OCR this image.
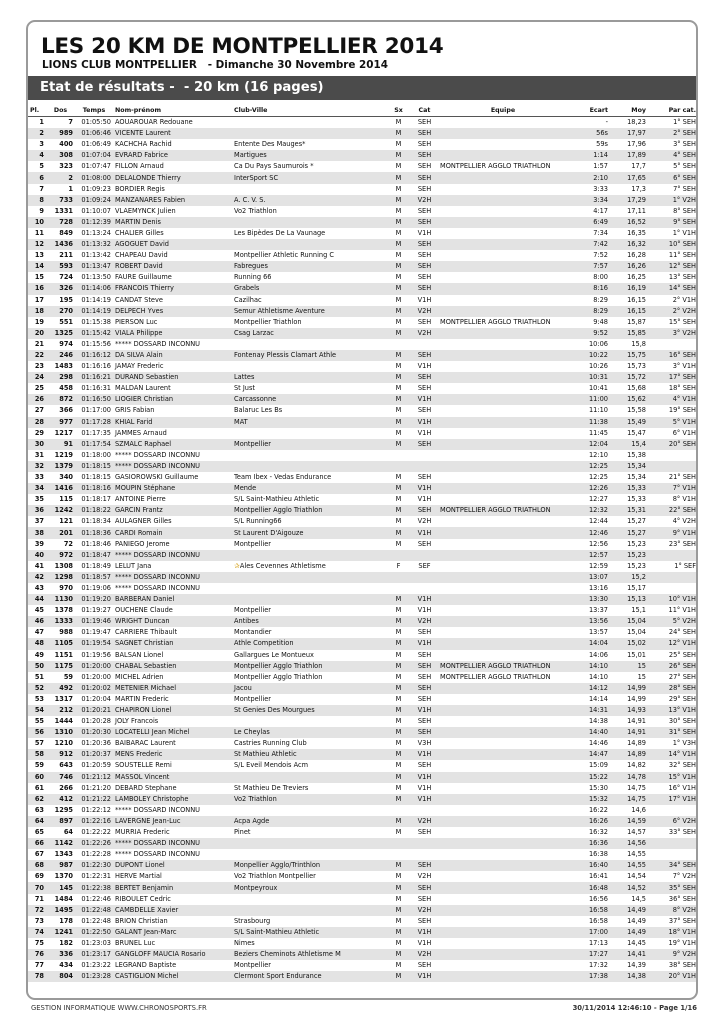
LES 20 KM DE MONTPELLIER 2014
LIONS CLUB MONTPELLIER   - Dimanche 30 Novembre 2014
Etat de résultats -  - 20 km (16 pages)
Pl.	Dos	Temps	Nom-prénom	Club-Ville	Sx	Cat	Equipe	Ecart	Moy	Par cat.
1	7	01:05:50	AOUAROUAR Redouane		M	SEH		-	18,23	1° SEH
2	989	01:06:46	VICENTE Laurent		M	SEH		56s	17,97	2° SEH
3	400	01:06:49	KACHCHA Rachid	Entente Des Mauges*	M	SEH		59s	17,96	3° SEH
4	308	01:07:04	EVRARD Fabrice	Martigues	M	SEH		1:14	17,89	4° SEH
5	323	01:07:47	FILLON Arnaud	Ca Du Pays Saumurois *	M	SEH	MONTPELLIER AGGLO TRIATHLON	1:57	17,7	5° SEH
6	2	01:08:00	DELALONDE Thierry	InterSport SC	M	SEH		2:10	17,65	6° SEH
7	1	01:09:23	BORDIER Regis		M	SEH		3:33	17,3	7° SEH
8	733	01:09:24	MANZANARES Fabien	A. C. V. S.	M	V2H		3:34	17,29	1° V2H
9	1331	01:10:07	VLAEMYNCK Julien	Vo2 Triathlon	M	SEH		4:17	17,11	8° SEH
10	728	01:12:39	MARTIN Denis		M	SEH		6:49	16,52	9° SEH
11	849	01:13:24	CHALIER Gilles	Les Bipèdes De La Vaunage	M	V1H		7:34	16,35	1° V1H
12	1436	01:13:32	AGOGUET David		M	SEH		7:42	16,32	10° SEH
13	211	01:13:42	CHAPEAU David	Montpellier Athletic Running C	M	SEH		7:52	16,28	11° SEH
14	593	01:13:47	ROBERT David	Fabregues	M	SEH		7:57	16,26	12° SEH
15	724	01:13:50	FAURE Guillaume	Running 66	M	SEH		8:00	16,25	13° SEH
16	326	01:14:06	FRANCOIS Thierry	Grabels	M	SEH		8:16	16,19	14° SEH
17	195	01:14:19	CANDAT Steve	Cazilhac	M	V1H		8:29	16,15	2° V1H
18	270	01:14:19	DELPECH Yves	Semur Athletisme Aventure	M	V2H		8:29	16,15	2° V2H
19	551	01:15:38	PIERSON Luc	Montpellier Triathlon	M	SEH	MONTPELLIER AGGLO TRIATHLON	9:48	15,87	15° SEH
20	1325	01:15:42	VIALA Philippe	Csag Larzac	M	V2H		9:52	15,85	3° V2H
21	974	01:15:56	***** DOSSARD INCONNU					10:06	15,8	
22	246	01:16:12	DA SILVA Alain	Fontenay Plessis Clamart Athle	M	SEH		10:22	15,75	16° SEH
23	1483	01:16:16	JAMAY Frederic		M	V1H		10:26	15,73	3° V1H
24	298	01:16:21	DURAND Sebastien	Lattes	M	SEH		10:31	15,72	17° SEH
25	458	01:16:31	MALDAN Laurent	St Just	M	SEH		10:41	15,68	18° SEH
26	872	01:16:50	LIOGIER Christian	Carcassonne	M	V1H		11:00	15,62	4° V1H
27	366	01:17:00	GRIS Fabian	Balaruc Les Bs	M	SEH		11:10	15,58	19° SEH
28	977	01:17:28	KHIAL Farid	MAT	M	V1H		11:38	15,49	5° V1H
29	1217	01:17:35	JAMMES Arnaud		M	V1H		11:45	15,47	6° V1H
30	91	01:17:54	SZMALC Raphael	Montpellier	M	SEH		12:04	15,4	20° SEH
31	1219	01:18:00	***** DOSSARD INCONNU					12:10	15,38	
32	1379	01:18:15	***** DOSSARD INCONNU					12:25	15,34	
33	340	01:18:15	GASIOROWSKI Guillaume	Team Ibex - Vedas Endurance	M	SEH		12:25	15,34	21° SEH
34	1416	01:18:16	MOUPIN Stéphane	Mende	M	V1H		12:26	15,33	7° V1H
35	115	01:18:17	ANTOINE Pierre	S/L Saint-Mathieu Athletic	M	V1H		12:27	15,33	8° V1H
36	1242	01:18:22	GARCIN Frantz	Montpellier Agglo Triathlon	M	SEH	MONTPELLIER AGGLO TRIATHLON	12:32	15,31	22° SEH
37	121	01:18:34	AULAGNER Gilles	S/L Running66	M	V2H		12:44	15,27	4° V2H
38	201	01:18:36	CARDI Romain	St Laurent D'Aigouze	M	V1H		12:46	15,27	9° V1H
39	72	01:18:46	PANIEGO Jerome	Montpellier	M	SEH		12:56	15,23	23° SEH
40	972	01:18:47	***** DOSSARD INCONNU					12:57	15,23	
41	1308	01:18:49	LELUT Jana	✰Ales Cevennes Athletisme	F	SEF		12:59	15,23	1° SEF
42	1298	01:18:57	***** DOSSARD INCONNU					13:07	15,2	
43	970	01:19:06	***** DOSSARD INCONNU					13:16	15,17	
44	1130	01:19:20	BARBERAN Daniel		M	V1H		13:30	15,13	10° V1H
45	1378	01:19:27	OUCHENE Claude	Montpellier	M	V1H		13:37	15,1	11° V1H
46	1333	01:19:46	WRIGHT Duncan	Antibes	M	V2H		13:56	15,04	5° V2H
47	988	01:19:47	CARRIERE Thibault	Montandier	M	SEH		13:57	15,04	24° SEH
48	1105	01:19:54	SAGNET Christian	Athle Competition	M	V1H		14:04	15,02	12° V1H
49	1151	01:19:56	BALSAN Lionel	Gallargues Le Montueux	M	SEH		14:06	15,01	25° SEH
50	1175	01:20:00	CHABAL Sebastien	Montpellier Agglo Triathlon	M	SEH	MONTPELLIER AGGLO TRIATHLON	14:10	15	26° SEH
51	59	01:20:00	MICHEL Adrien	Montpellier Agglo Triathlon	M	SEH	MONTPELLIER AGGLO TRIATHLON	14:10	15	27° SEH
52	492	01:20:02	METENIER Michael	Jacou	M	SEH		14:12	14,99	28° SEH
53	1317	01:20:04	MARTIN Frederic	Montpellier	M	SEH		14:14	14,99	29° SEH
54	212	01:20:21	CHAPIRON Lionel	St Genies Des Mourgues	M	V1H		14:31	14,93	13° V1H
55	1444	01:20:28	JOLY Francois		M	SEH		14:38	14,91	30° SEH
56	1310	01:20:30	LOCATELLI Jean Michel	Le Cheylas	M	SEH		14:40	14,91	31° SEH
57	1210	01:20:36	BAIBARAC Laurent	Castries Running Club	M	V3H		14:46	14,89	1° V3H
58	912	01:20:37	MENS Frederic	St Mathieu Athletic	M	V1H		14:47	14,89	14° V1H
59	643	01:20:59	SOUSTELLE Remi	S/L Eveil Mendois Acm	M	SEH		15:09	14,82	32° SEH
60	746	01:21:12	MASSOL Vincent		M	V1H		15:22	14,78	15° V1H
61	266	01:21:20	DEBARD Stephane	St Mathieu De Treviers	M	V1H		15:30	14,75	16° V1H
62	412	01:21:22	LAMBOLEY Christophe	Vo2 Triathlon	M	V1H		15:32	14,75	17° V1H
63	1295	01:22:12	***** DOSSARD INCONNU					16:22	14,6	
64	897	01:22:16	LAVERGNE Jean-Luc	Acpa Agde	M	V2H		16:26	14,59	6° V2H
65	64	01:22:22	MURRIA Frederic	Pinet	M	SEH		16:32	14,57	33° SEH
66	1142	01:22:26	***** DOSSARD INCONNU					16:36	14,56	
67	1343	01:22:28	***** DOSSARD INCONNU					16:38	14,55	
68	987	01:22:30	DUPONT Lionel	Monpellier Agglo/Trinthlon	M	SEH		16:40	14,55	34° SEH
69	1370	01:22:31	HERVE Martial	Vo2 Triathlon Montpellier	M	V2H		16:41	14,54	7° V2H
70	145	01:22:38	BERTET Benjamin	Montpeyroux	M	SEH		16:48	14,52	35° SEH
71	1484	01:22:46	RIBOULET Cedric		M	SEH		16:56	14,5	36° SEH
72	1495	01:22:48	CAMBDELLE Xavier		M	V2H		16:58	14,49	8° V2H
73	178	01:22:48	BRION Christian	Strasbourg	M	SEH		16:58	14,49	37° SEH
74	1241	01:22:50	GALANT Jean-Marc	S/L Saint-Mathieu Athletic	M	V1H		17:00	14,49	18° V1H
75	182	01:23:03	BRUNEL Luc	Nimes	M	V1H		17:13	14,45	19° V1H
76	336	01:23:17	GANGLOFF MAUCIA Rosario	Beziers Cheminots Athletisme M	M	V2H		17:27	14,41	9° V2H
77	434	01:23:22	LEGRAND Baptiste	Montpellier	M	SEH		17:32	14,39	38° SEH
78	804	01:23:28	CASTIGLION Michel	Clermont Sport Endurance	M	V1H		17:38	14,38	20° V1H
GESTION INFORMATIQUE WWW.CHRONOSPORTS.FR	30/11/2014 12:46:10 - Page 1/16
